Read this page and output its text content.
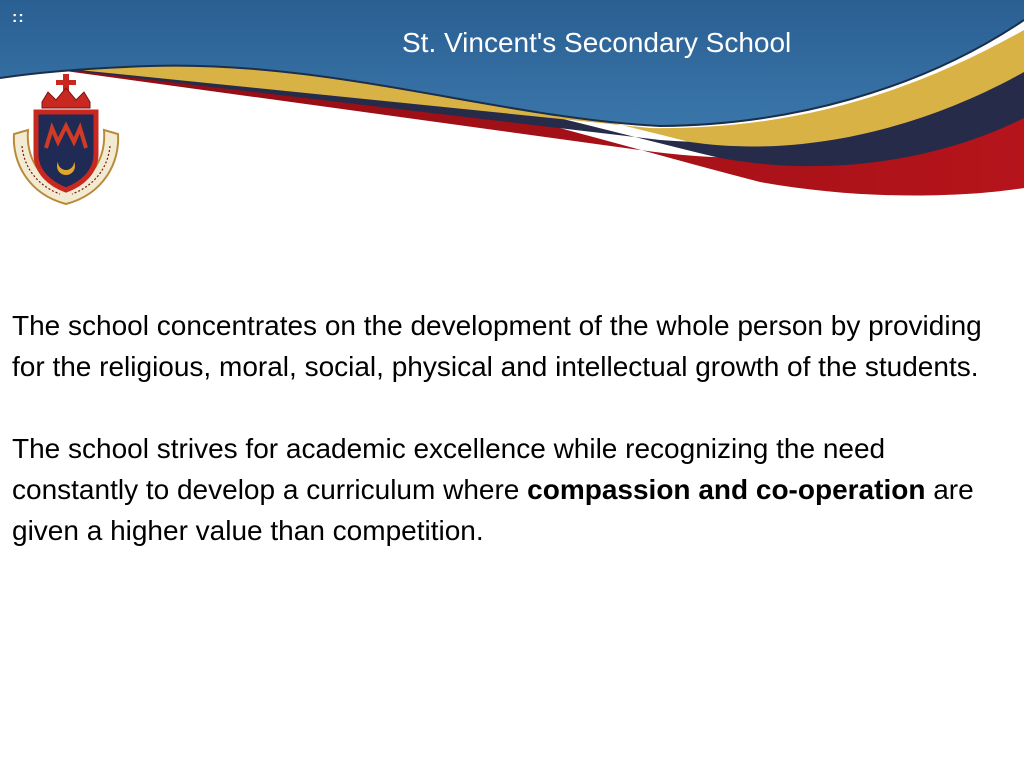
::
St. Vincent's Secondary School

The school concentrates on the development of the whole person by providing for the religious, moral, social, physical and intellectual growth of the students.

The school strives for academic excellence while recognizing the need constantly to develop a curriculum where compassion and co-operation are given a higher value than competition.
